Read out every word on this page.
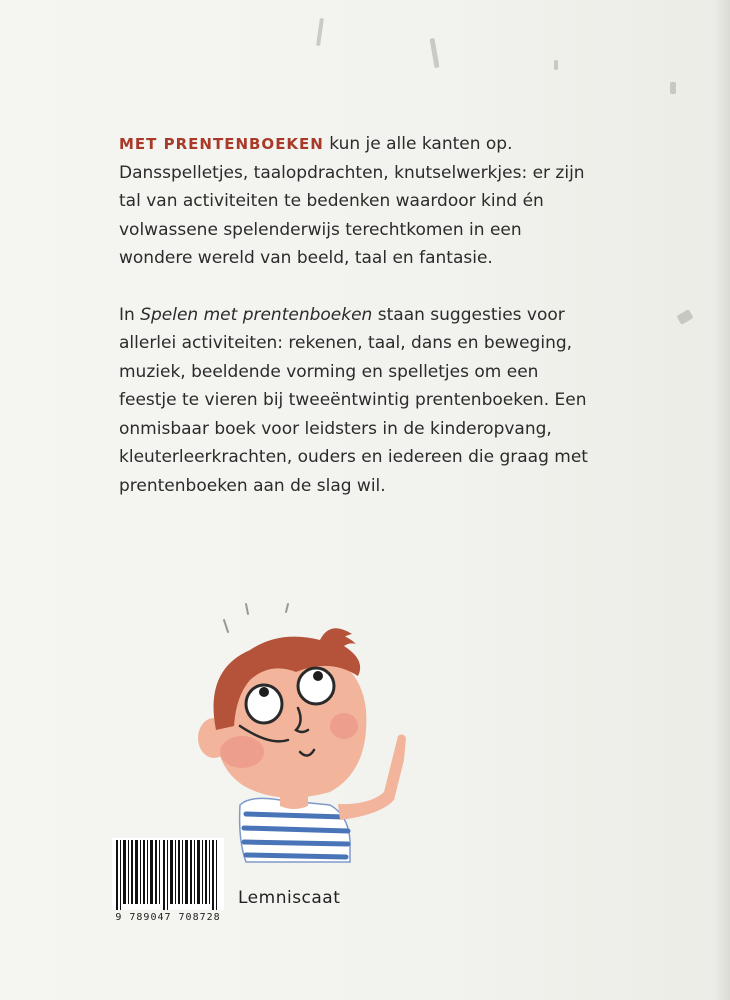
MET PRENTENBOEKEN kun je alle kanten op. Dansspelletjes, taalopdrachten, knutselwerkjes: er zijn tal van activiteiten te bedenken waardoor kind én volwassene spelenderwijs terechtkomen in een wondere wereld van beeld, taal en fantasie.

In Spelen met prentenboeken staan suggesties voor allerlei activiteiten: rekenen, taal, dans en beweging, muziek, beeldende vorming en spelletjes om een feestje te vieren bij tweeëntwintig prentenboeken. Een onmisbaar boek voor leidsters in de kinderopvang, kleuterleerkrachten, ouders en iedereen die graag met prentenboeken aan de slag wil.

9 789047 708728
Lemniscaat
